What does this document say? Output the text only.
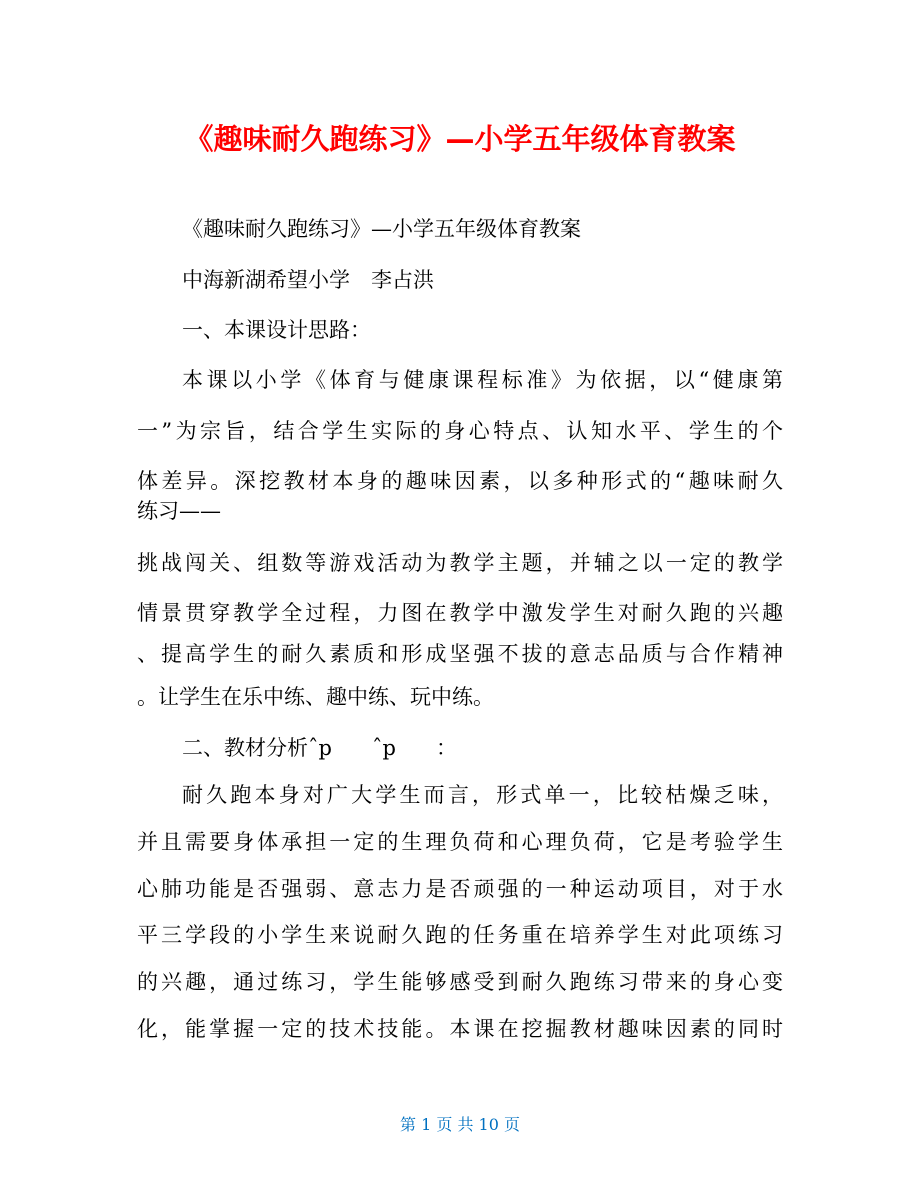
《趣味耐久跑练习》—小学五年级体育教案
《趣味耐久跑练习》—小学五年级体育教案
中海新湖希望小学　李占洪
一、本课设计思路：
本课以小学《体育与健康课程标准》为依据，以“健康第
一”为宗旨，结合学生实际的身心特点、认知水平、学生的个
体差异。深挖教材本身的趣味因素，以多种形式的“趣味耐久
练习——
挑战闯关、组数等游戏活动为教学主题，并辅之以一定的教学
情景贯穿教学全过程，力图在教学中激发学生对耐久跑的兴趣
、提高学生的耐久素质和形成坚强不拔的意志品质与合作精神
。让学生在乐中练、趣中练、玩中练。
二、教材分析ˆp      ˆp      ：
耐久跑本身对广大学生而言，形式单一，比较枯燥乏味，
并且需要身体承担一定的生理负荷和心理负荷，它是考验学生
心肺功能是否强弱、意志力是否顽强的一种运动项目，对于水
平三学段的小学生来说耐久跑的任务重在培养学生对此项练习
的兴趣，通过练习，学生能够感受到耐久跑练习带来的身心变
化，能掌握一定的技术技能。本课在挖掘教材趣味因素的同时
第 1 页 共 10 页
